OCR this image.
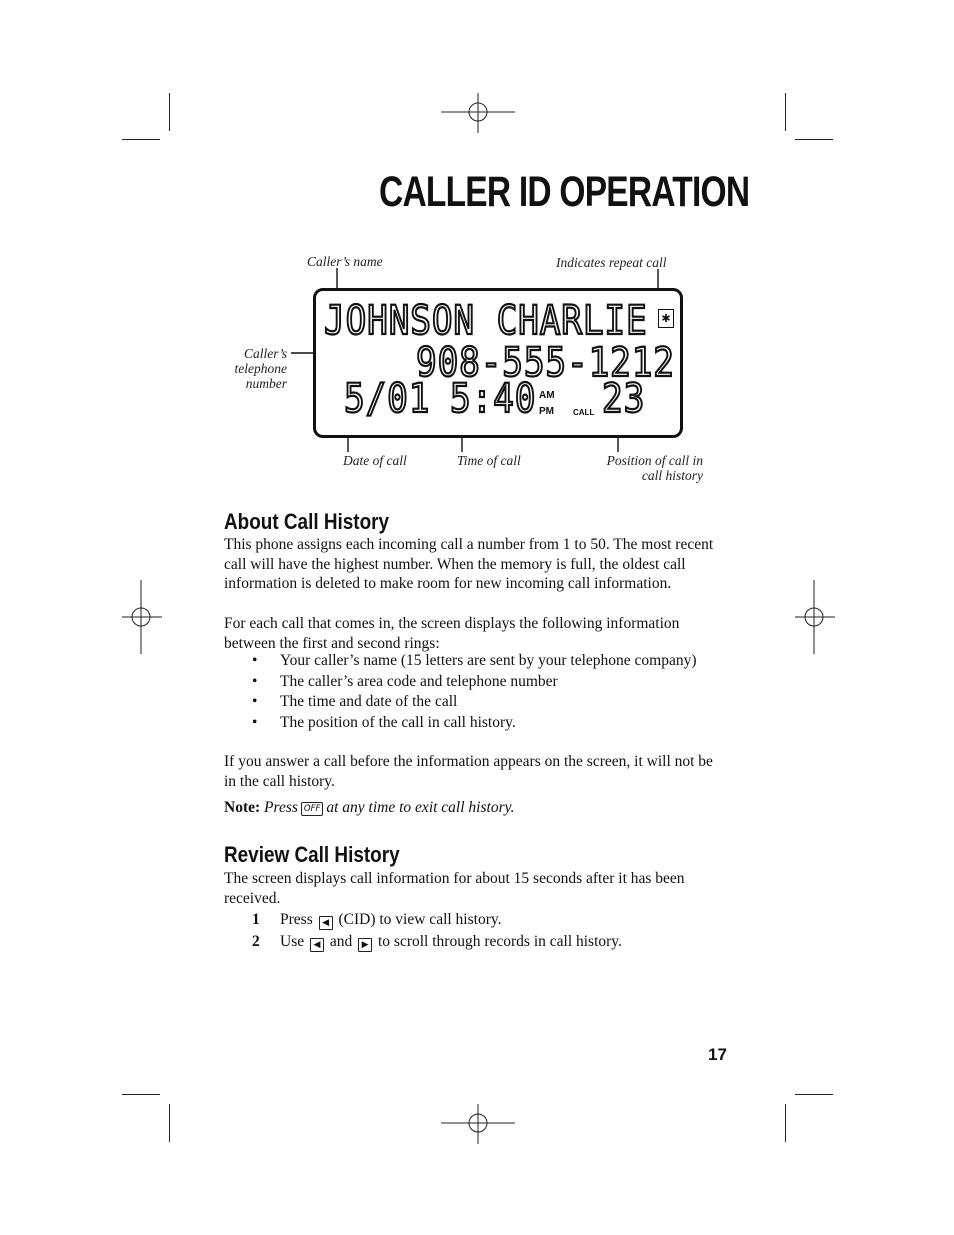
CALLER ID OPERATION
Caller’s name	Indicates repeat call
Caller’s
telephone
number
Date of call	Time of call	Position of call in
call history
JOHNSON CHARLIE	✱
908-555-1212
5/01 5:40 AM
PM CALL 23
About Call History

This phone assigns each incoming call a number from 1 to 50. The most recent call will have the highest number. When the memory is full, the oldest call information is deleted to make room for new incoming call information.

For each call that comes in, the screen displays the following information between the first and second rings:

• Your caller’s name (15 letters are sent by your telephone company)
• The caller’s area code and telephone number
• The time and date of the call
• The position of the call in call history.

If you answer a call before the information appears on the screen, it will not be in the call history.

Note: Press OFF at any time to exit call history.
Review Call History

The screen displays call information for about 15 seconds after it has been received.

1 Press ◀ (CID) to view call history.
2 Use ◀ and ▶ to scroll through records in call history.
17
